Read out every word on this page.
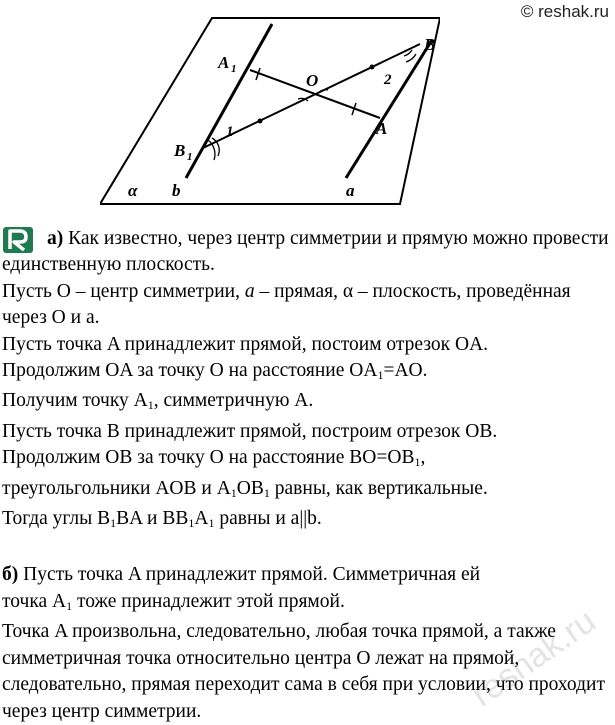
© reshak.ru
A 1
B
B 1
O
A
α b	a
1
2

а) Как известно, через центр симметрии и прямую можно провести единственную плоскость.

Пусть O – центр симметрии, a – прямая, α – плоскость, проведённая через O и a.

Пусть точка A принадлежит прямой, постоим отрезок OA.

Продолжим OA за точку O на расстояние $OA_1=AO$.

Получим точку $A_1$, симметричную A.

Пусть точка B принадлежит прямой, построим отрезок OB.

Продолжим OB за точку O на расстояние $BO=OB_1$,

треугольгольники AOB и $A_1OB_1$ равны, как вертикальные.

Тогда углы $B_1BA$ и $BB_1A_1$ равны и a||b.

б) Пусть точка A принадлежит прямой. Симметричная ей

точка $A_1$ тоже принадлежит этой прямой.

Точка A произвольна, следовательно, любая точка прямой, а также симметричная точка относительно центра O лежат на прямой, следовательно, прямая переходит сама в себя при условии, что проходит через центр симметрии.	reshak.ru
